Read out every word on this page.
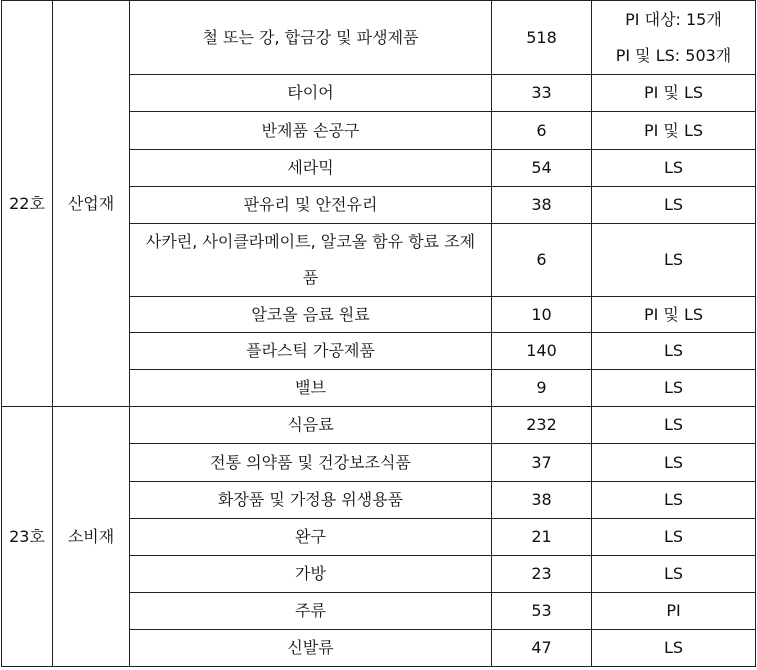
22호	산업재	철 또는 강, 합금강 및 파생제품	518	PI 대상: 15개
PI 및 LS: 503개

		타이어	33	PI 및 LS
		반제품 손공구	6	PI 및 LS
		세라믹	54	LS
		판유리 및 안전유리	38	LS

		사카린, 사이클라메이트, 알코올 함유 항료 조제
품	6	LS
		알코올 음료 원료	10	PI 및 LS
		플라스틱 가공제품	140	LS
		밸브	9	LS
23호	소비재	식음료	232	LS
		전통 의약품 및 건강보조식품	37	LS
		화장품 및 가정용 위생용품	38	LS
		완구	21	LS
		가방	23	LS
		주류	53	PI
		신발류	47	LS
